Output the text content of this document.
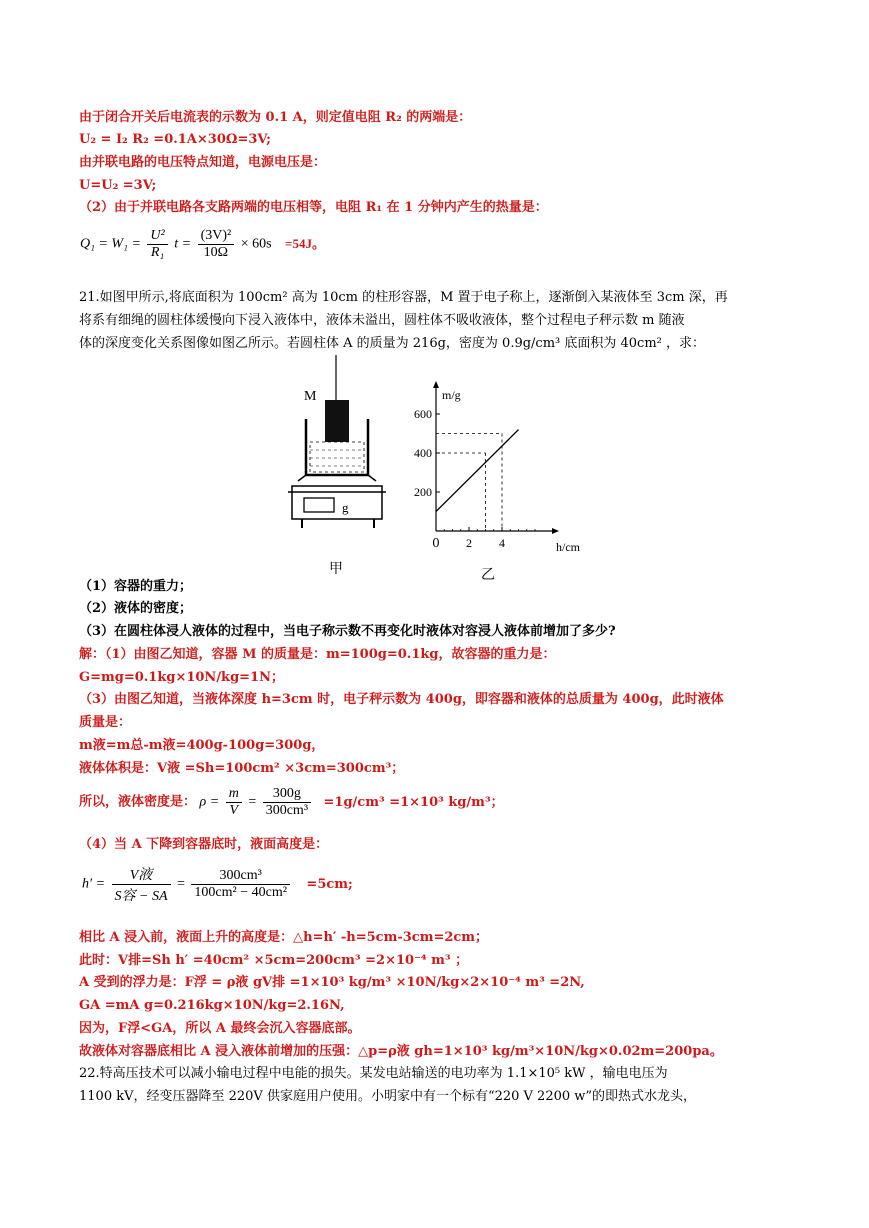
由于闭合开关后电流表的示数为 0.1 A，则定值电阻 R₂ 的两端是：
U₂ = I₂ R₂ =0.1A×30Ω=3V;
由并联电路的电压特点知道，电源电压是：
U=U₂ =3V;
（2）由于并联电路各支路两端的电压相等，电阻 R₁ 在 1 分钟内产生的热量是：
$Q_1 = W_1 = \frac{\text{U²}}{\text{R₁}}$ $t = \frac{\text{(3V)²}}{10\Omega} \times 60s =54J$。
21.如图甲所示,将底面积为 100cm² 高为 10cm 的柱形容器，M 置于电子称上，逐渐倒入某液体至 3cm 深，再
将系有细绳的圆柱体缓慢向下浸入液体中，液体未溢出，圆柱体不吸收液体，整个过程电子秤示数 m 随液
体的深度变化关系图像如图乙所示。若圆柱体 A 的质量为 216g，密度为 0.9g/cm³ 底面积为 40cm² ，求：
M
g
甲
m/g
h/cm
0
乙
200
400
600
2 4
（1）容器的重力；
（2）液体的密度；
（3）在圆柱体浸人液体的过程中，当电子称示数不再变化时液体对容浸人液体前增加了多少?
解：（1）由图乙知道，容器 M 的质量是：m=100g=0.1kg，故容器的重力是：
G=mg=0.1kg×10N/kg=1N；
（3）由图乙知道，当液体深度 h=3cm 时，电子秤示数为 400g，即容器和液体的总质量为 400g，此时液体
质量是：
m液=m总-m液=400g-100g=300g，
液体体积是：V液 =Sh=100cm² ×3cm=300cm³；
所以，液体密度是： $\rho = \frac{m}{V} = \frac{300g}{\text{300cm³}} =1g/cm^3 =1\times 10^3$ kg/m³；
（4）当 A 下降到容器底时，液面高度是：
$h' = \frac{\text{V液}}{\text{S容 − SA}} = \frac{\text{300cm³}}{\text{100cm² − 40cm²}} =5cm$;
相比 A 浸入前，液面上升的高度是：△h=h′ -h=5cm-3cm=2cm；
此时：V排=Sh h′ =40cm² ×5cm=200cm³ =2×10⁻⁴ m³ ；
A 受到的浮力是：F浮 = ρ液 gV排 =1×10³ kg/m³ ×10N/kg×2×10⁻⁴ m³ =2N,
GA =mA g=0.216kg×10N/kg=2.16N,
因为，F浮<GA，所以 A 最终会沉入容器底部。
故液体对容器底相比 A 浸入液体前增加的压强：△p=ρ液 gh=1×10³ kg/m³×10N/kg×0.02m=200pa。
22.特高压技术可以减小输电过程中电能的损失。某发电站输送的电功率为 1.1×10⁵ kW ，输电电压为
1100 kV，经变压器降至 220V 供家庭用户使用。小明家中有一个标有“220 V 2200 w”的即热式水龙头，
